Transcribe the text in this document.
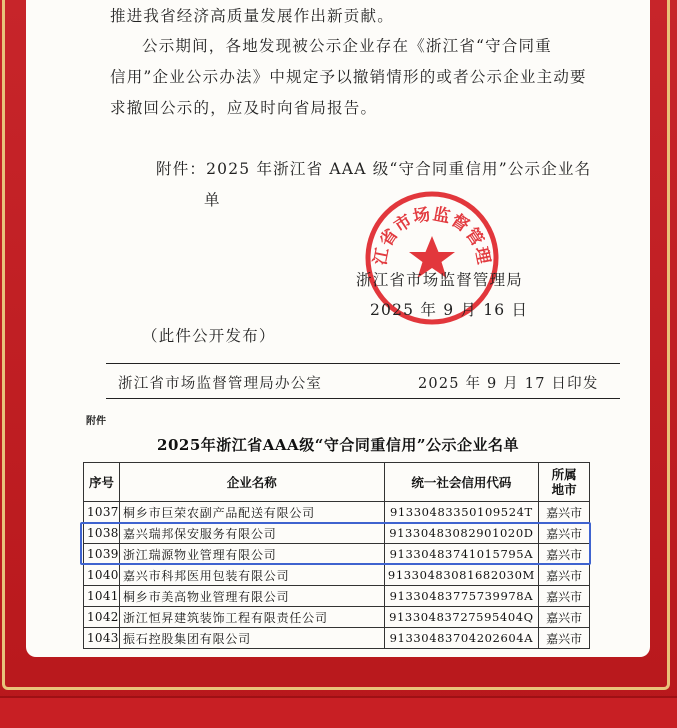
推进我省经济高质量发展作出新贡献。
公示期间，各地发现被公示企业存在《浙江省“守合同重
信用”企业公示办法》中规定予以撤销情形的或者公示企业主动要
求撤回公示的，应及时向省局报告。
附件：2025 年浙江省 AAA 级“守合同重信用”公示企业名
单
江省市场监督管理
浙江省市场监督管理局
2025 年 9 月 16 日
（此件公开发布）
浙江省市场监督管理局办公室	2025 年 9 月 17 日印发
附件
2025年浙江省AAA级“守合同重信用”公示企业名单
序号	企业名称	统一社会信用代码	所属
地市
1037	桐乡市巨荣农副产品配送有限公司	91330483350109524T	嘉兴市
1038	嘉兴瑞邦保安服务有限公司	91330483082901020D	嘉兴市
1039	浙江瑞源物业管理有限公司	91330483741015795A	嘉兴市
1040	嘉兴市科邦医用包装有限公司	91330483081682030M	嘉兴市
1041	桐乡市美高物业管理有限公司	91330483775739978A	嘉兴市
1042	浙江恒昇建筑装饰工程有限责任公司	91330483727595404Q	嘉兴市
1043	振石控股集团有限公司	91330483704202604A	嘉兴市
